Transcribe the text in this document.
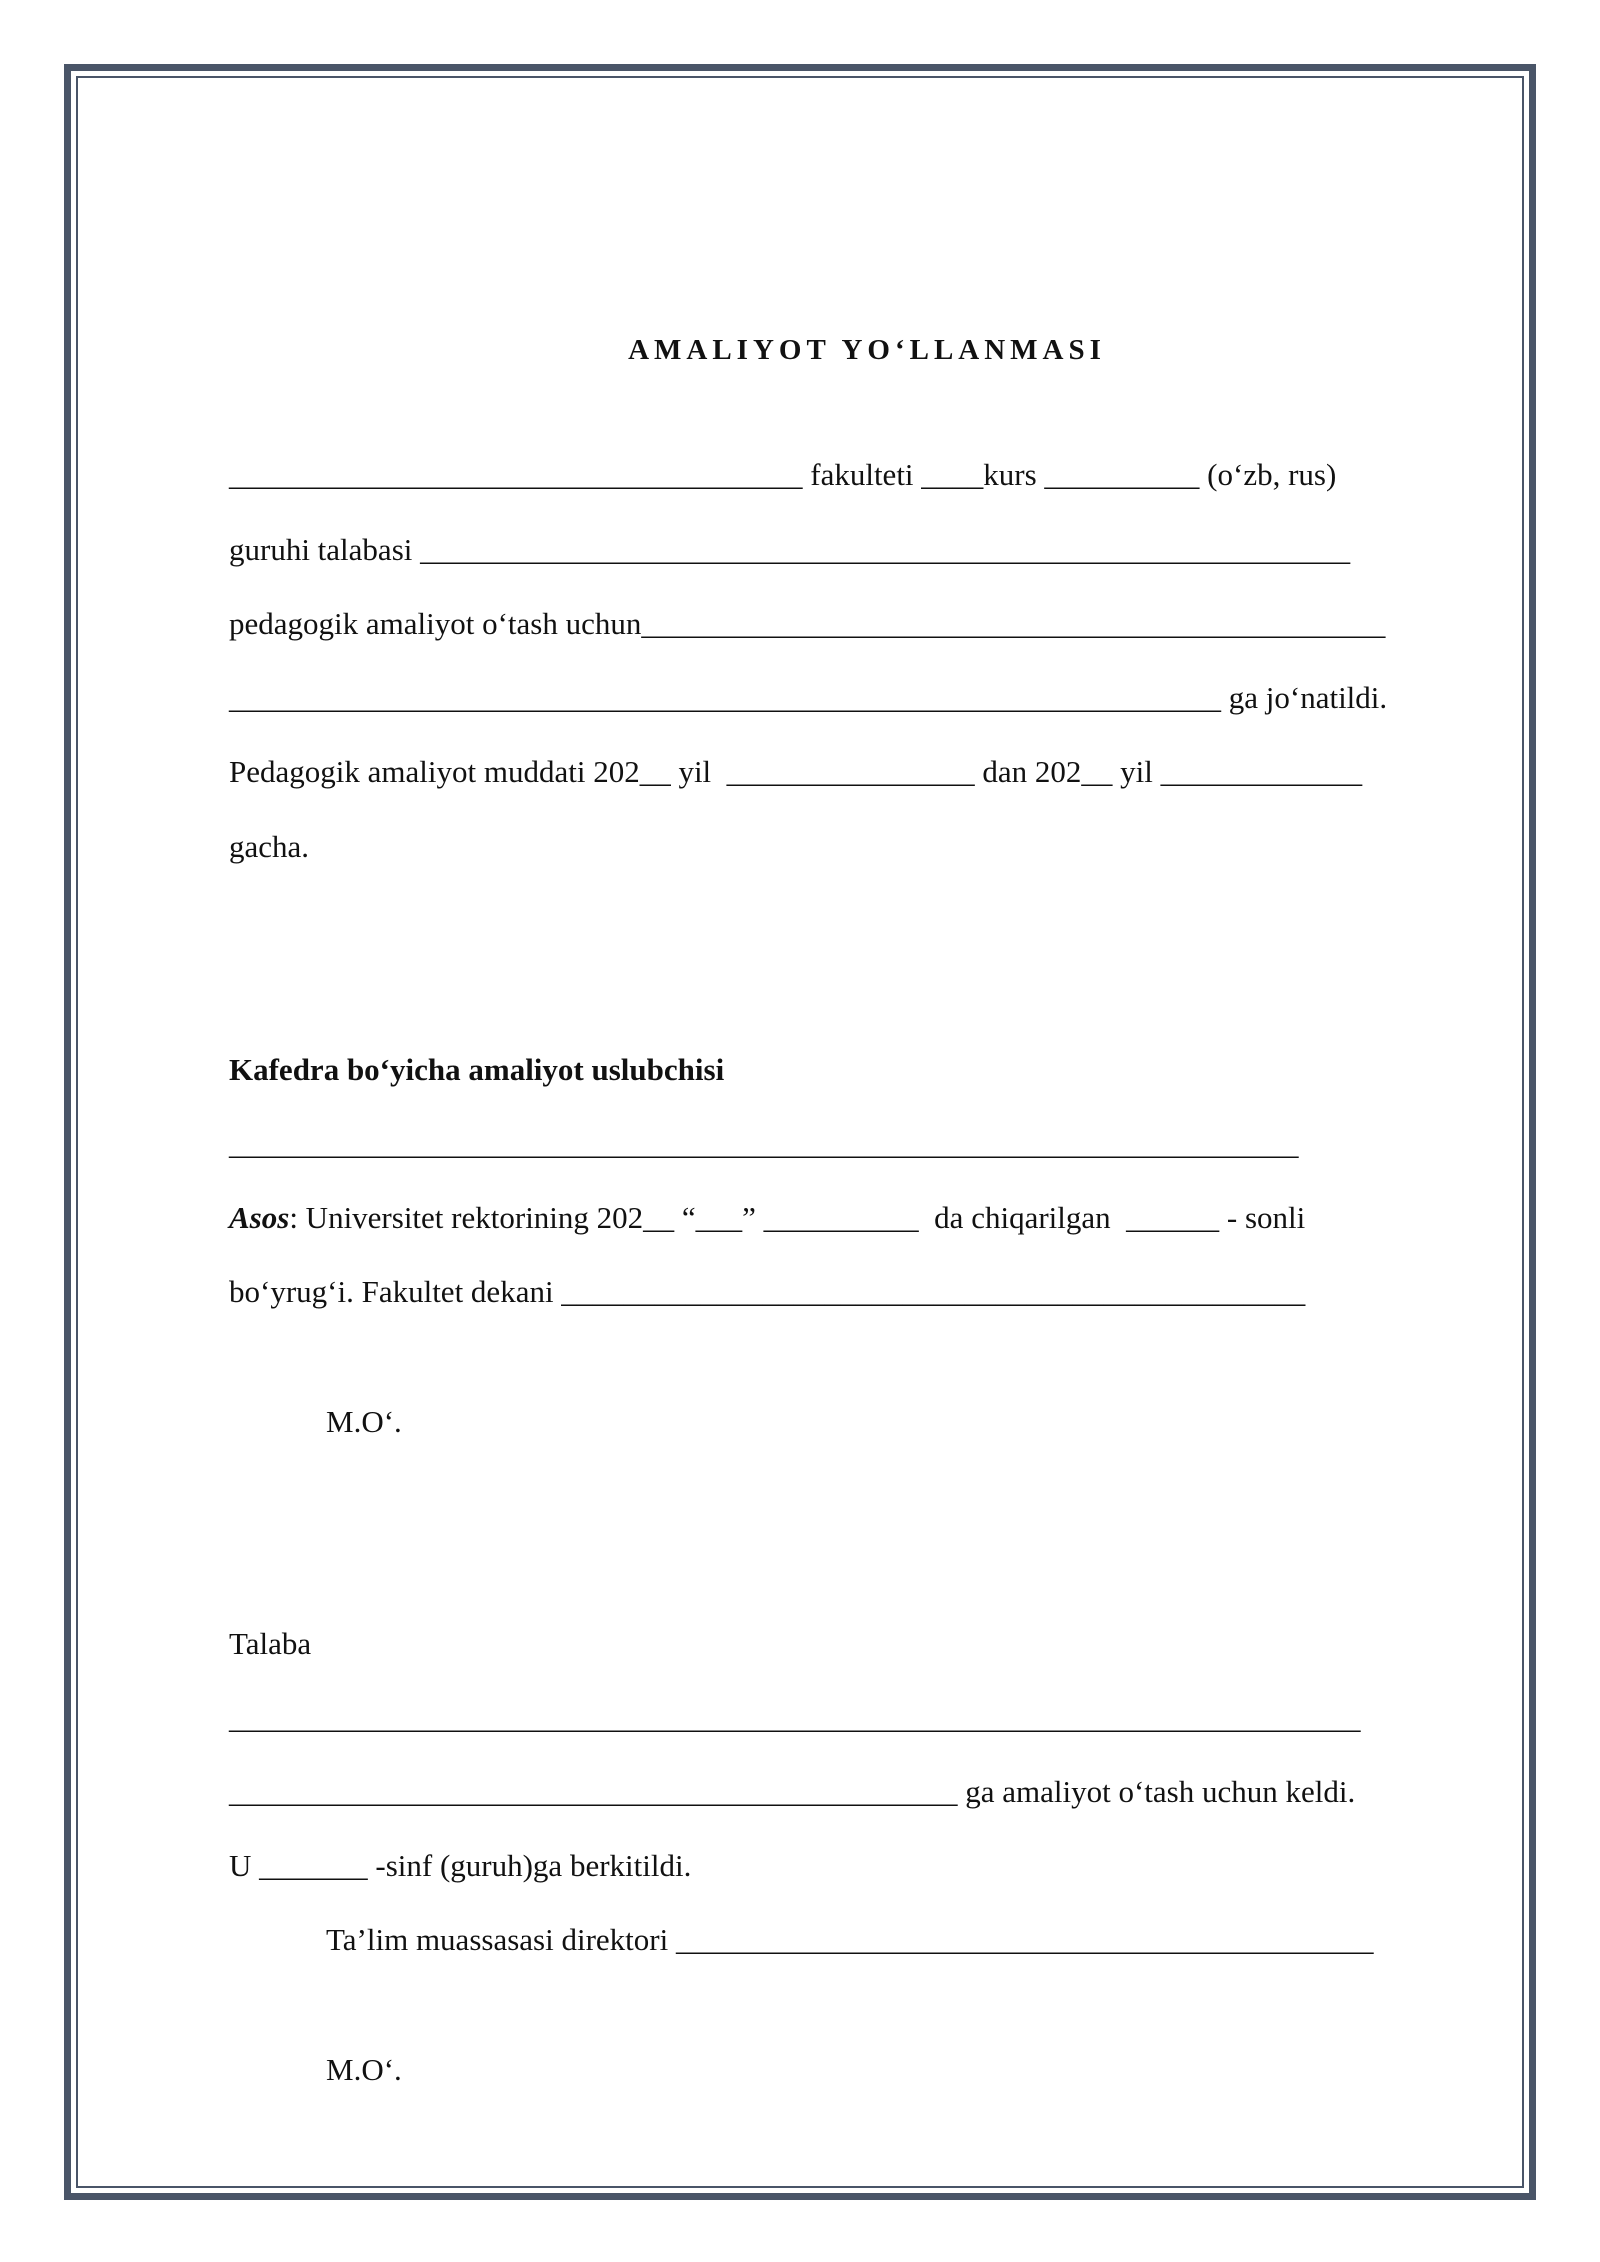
AMALIYOT YO‘LLANMASI
_____________________________________ fakulteti ____kurs __________ (o‘zb, rus)
guruhi talabasi ____________________________________________________________
pedagogik amaliyot o‘tash uchun________________________________________________
________________________________________________________________ ga jo‘natildi.
Pedagogik amaliyot muddati 202__ yil  ________________ dan 202__ yil _____________
gacha.
Kafedra bo‘yicha amaliyot uslubchisi
_____________________________________________________________________
Asos: Universitet rektorining 202__ “___” __________  da chiqarilgan  ______ - sonli
bo‘yrug‘i. Fakultet dekani ________________________________________________
M.O‘.
Talaba
_________________________________________________________________________
_______________________________________________ ga amaliyot o‘tash uchun keldi.
U _______ -sinf (guruh)ga berkitildi.
Ta’lim muassasasi direktori _____________________________________________
M.O‘.
